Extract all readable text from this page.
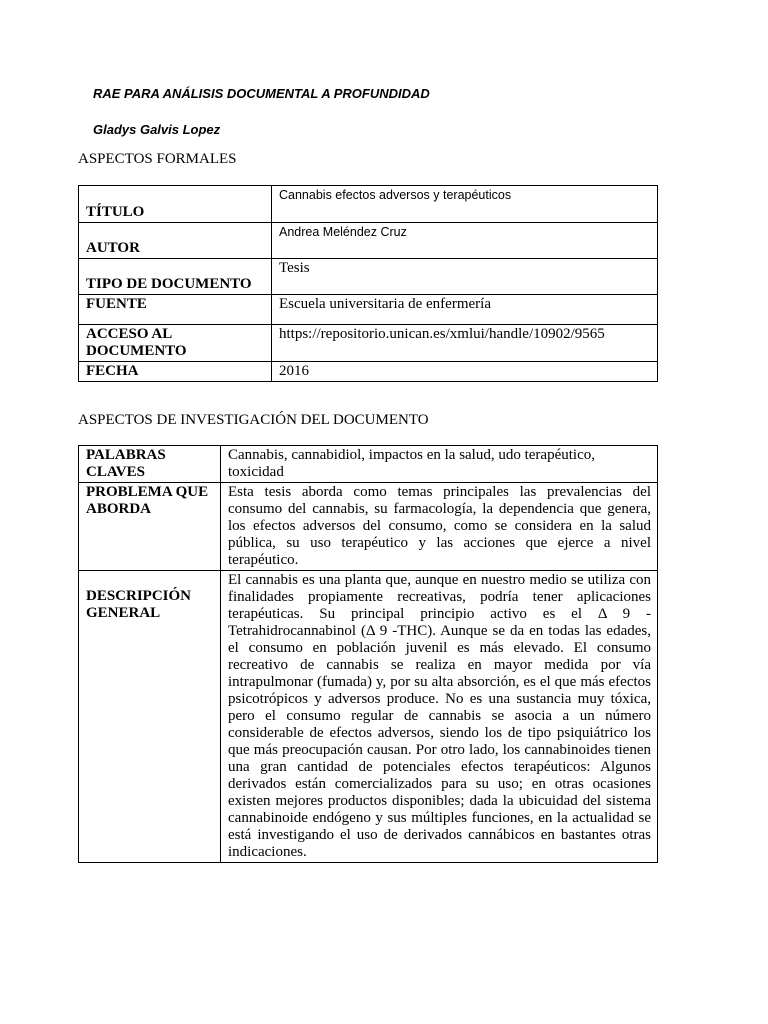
RAE PARA ANÁLISIS DOCUMENTAL A PROFUNDIDAD

Gladys Galvis Lopez

ASPECTOS FORMALES
TÍTULO	Cannabis efectos adversos y terapéuticos
AUTOR	Andrea Meléndez Cruz
TIPO DE DOCUMENTO	Tesis
FUENTE	Escuela universitaria de enfermería
ACCESO AL DOCUMENTO	https://repositorio.unican.es/xmlui/handle/10902/9565
FECHA	2016
ASPECTOS DE INVESTIGACIÓN DEL DOCUMENTO
PALABRAS CLAVES	Cannabis, cannabidiol, impactos en la salud, udo terapéutico, toxicidad
PROBLEMA QUE ABORDA	Esta tesis aborda como temas principales las prevalencias del consumo del cannabis, su farmacología, la dependencia que genera, los efectos adversos del consumo, como se considera en la salud pública, su uso terapéutico y las acciones que ejerce a nivel terapéutico.
DESCRIPCIÓN GENERAL	El cannabis es una planta que, aunque en nuestro medio se utiliza con finalidades propiamente recreativas, podría tener aplicaciones terapéuticas. Su principal principio activo es el Δ 9 - Tetrahidrocannabinol (Δ 9 -THC). Aunque se da en todas las edades, el consumo en población juvenil es más elevado. El consumo recreativo de cannabis se realiza en mayor medida por vía intrapulmonar (fumada) y, por su alta absorción, es el que más efectos psicotrópicos y adversos produce. No es una sustancia muy tóxica, pero el consumo regular de cannabis se asocia a un número considerable de efectos adversos, siendo los de tipo psiquiátrico los que más preocupación causan. Por otro lado, los cannabinoides tienen una gran cantidad de potenciales efectos terapéuticos: Algunos derivados están comercializados para su uso; en otras ocasiones existen mejores productos disponibles; dada la ubicuidad del sistema cannabinoide endógeno y sus múltiples funciones, en la actualidad se está investigando el uso de derivados cannábicos en bastantes otras indicaciones.
